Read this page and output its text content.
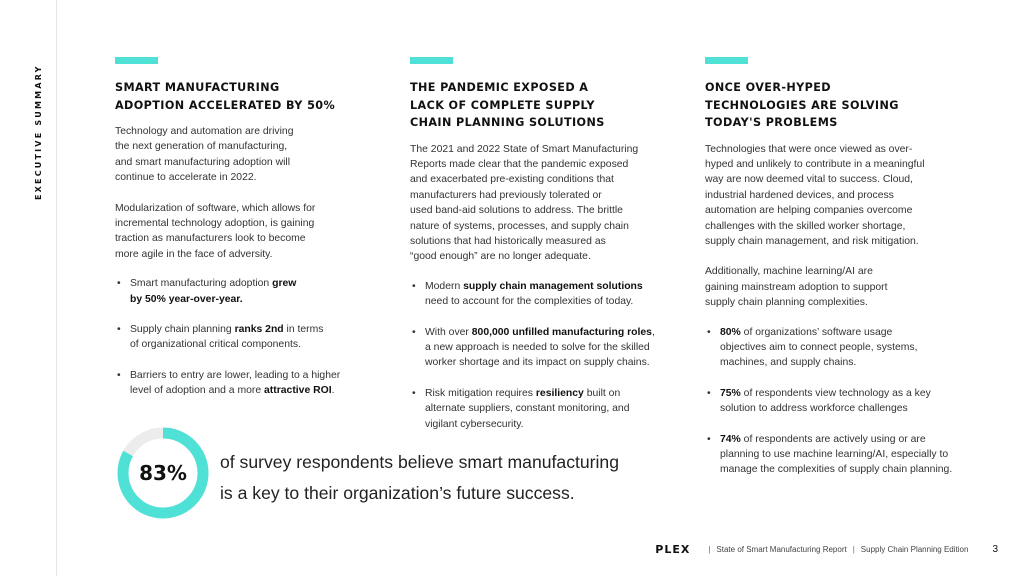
EXECUTIVE SUMMARY	SMART MANUFACTURING
ADOPTION ACCELERATED BY 50%

Technology and automation are driving
the next generation of manufacturing,
and smart manufacturing adoption will
continue to accelerate in 2022.

Modularization of software, which allows for
incremental technology adoption, is gaining
traction as manufacturers look to become
more agile in the face of adversity.

• Smart manufacturing adoption grew
by 50% year-over-year.
• Supply chain planning ranks 2nd in terms
of organizational critical components.
• Barriers to entry are lower, leading to a higher
level of adoption and a more attractive ROI.
THE PANDEMIC EXPOSED A
LACK OF COMPLETE SUPPLY
CHAIN PLANNING SOLUTIONS

The 2021 and 2022 State of Smart Manufacturing
Reports made clear that the pandemic exposed
and exacerbated pre-existing conditions that
manufacturers had previously tolerated or
used band-aid solutions to address. The brittle
nature of systems, processes, and supply chain
solutions that had historically measured as
“good enough” are no longer adequate.

• Modern supply chain management solutions
need to account for the complexities of today.
• With over 800,000 unfilled manufacturing roles,
a new approach is needed to solve for the skilled
worker shortage and its impact on supply chains.
• Risk mitigation requires resiliency built on
alternate suppliers, constant monitoring, and
vigilant cybersecurity.
ONCE OVER-HYPED
TECHNOLOGIES ARE SOLVING
TODAY'S PROBLEMS

Technologies that were once viewed as over-
hyped and unlikely to contribute in a meaningful
way are now deemed vital to success. Cloud,
industrial hardened devices, and process
automation are helping companies overcome
challenges with the skilled worker shortage,
supply chain management, and risk mitigation.

Additionally, machine learning/AI are
gaining mainstream adoption to support
supply chain planning complexities.

• 80% of organizations’ software usage
objectives aim to connect people, systems,
machines, and supply chains.
• 75% of respondents view technology as a key
solution to address workforce challenges
• 74% of respondents are actively using or are
planning to use machine learning/AI, especially to
manage the complexities of supply chain planning.
83%	of survey respondents believe smart manufacturing
is a key to their organization’s future success.

PLEX | State of Smart Manufacturing Report | Supply Chain Planning Edition 3
